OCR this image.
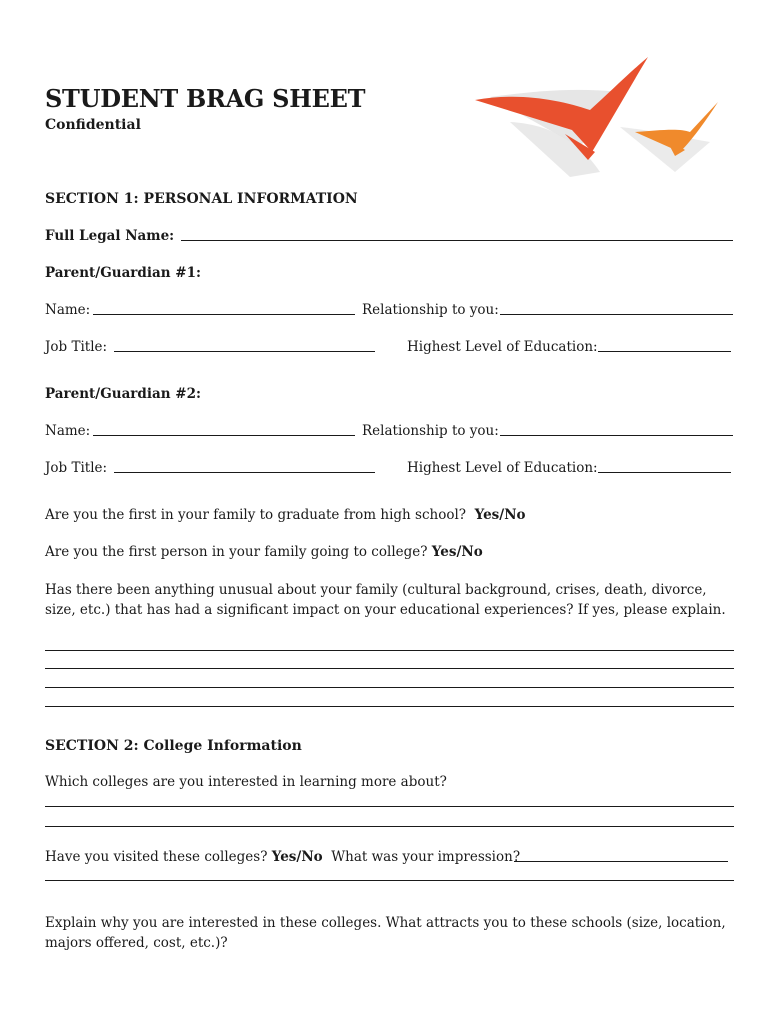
STUDENT BRAG SHEET
Confidential
SECTION 1: PERSONAL INFORMATION
Full Legal Name:
Parent/Guardian #1:
Name:	Relationship to you:
Job Title:	Highest Level of Education:
Parent/Guardian #2:
Name:	Relationship to you:
Job Title:	Highest Level of Education:
Are you the first in your family to graduate from high school? Yes/No
Are you the first person in your family going to college? Yes/No
Has there been anything unusual about your family (cultural background, crises, death, divorce, size, etc.) that has had a significant impact on your educational experiences? If yes, please explain.
SECTION 2: College Information
Which colleges are you interested in learning more about?
Have you visited these colleges? Yes/No What was your impression?
Explain why you are interested in these colleges. What attracts you to these schools (size, location, majors offered, cost, etc.)?
